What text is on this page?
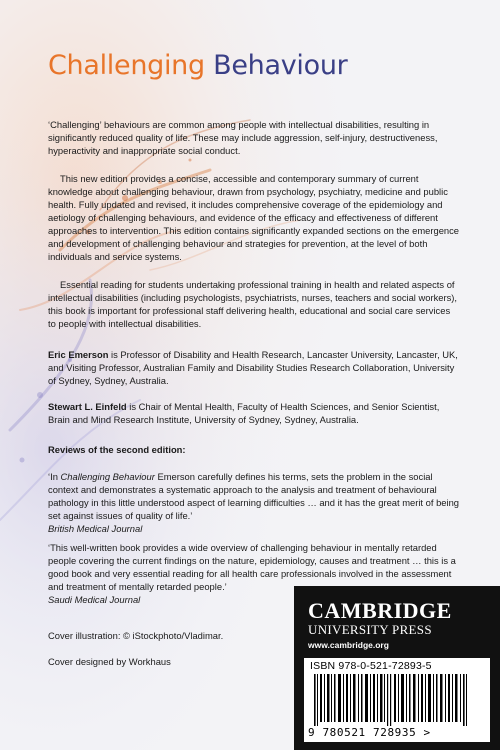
Challenging Behaviour

‘Challenging’ behaviours are common among people with intellectual disabilities, resulting in significantly reduced quality of life. These may include aggression, self-injury, destructiveness, hyperactivity and inappropriate social conduct.

This new edition provides a concise, accessible and contemporary summary of current knowledge about challenging behaviour, drawn from psychology, psychiatry, medicine and public health. Fully updated and revised, it includes comprehensive coverage of the epidemiology and aetiology of challenging behaviours, and evidence of the efficacy and effectiveness of different approaches to intervention. This edition contains significantly expanded sections on the emergence and development of challenging behaviour and strategies for prevention, at the level of both individuals and service systems.

Essential reading for students undertaking professional training in health and related aspects of intellectual disabilities (including psychologists, psychiatrists, nurses, teachers and social workers), this book is important for professional staff delivering health, educational and social care services to people with intellectual disabilities.

Eric Emerson is Professor of Disability and Health Research, Lancaster University, Lancaster, UK, and Visiting Professor, Australian Family and Disability Studies Research Collaboration, University of Sydney, Sydney, Australia.

Stewart L. Einfeld is Chair of Mental Health, Faculty of Health Sciences, and Senior Scientist, Brain and Mind Research Institute, University of Sydney, Sydney, Australia.

Reviews of the second edition:

‘In Challenging Behaviour Emerson carefully defines his terms, sets the problem in the social context and demonstrates a systematic approach to the analysis and treatment of behavioural pathology in this little understood aspect of learning difficulties … and it has the great merit of being set against issues of quality of life.’

British Medical Journal

‘This well-written book provides a wide overview of challenging behaviour in mentally retarded people covering the current findings on the nature, epidemiology, causes and treatment … this is a good book and very essential reading for all health care professionals involved in the assessment and treatment of mentally retarded people.’

Saudi Medical Journal

Cover illustration: © iStockphoto/Vladimar.
Cover designed by Workhaus
CAMBRIDGE
UNIVERSITY PRESS
www.cambridge.org
ISBN 978-0-521-72893-5
9 780521 728935 >
